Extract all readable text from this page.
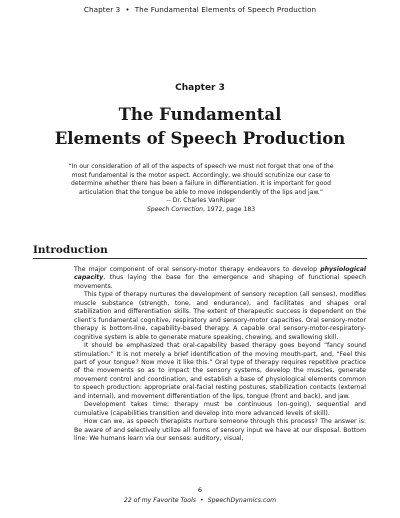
Chapter 3 • The Fundamental Elements of Speech Production
Chapter 3
The Fundamental
Elements of Speech Production
“In our consideration of all of the aspects of speech we must not forget that one of the most fundamental is the motor aspect. Accordingly, we should scrutinize our case to determine whether there has been a failure in differentiation. It is important for good articulation that the tongue be able to move independently of the lips and jaw.”
-- Dr. Charles VanRiper
Speech Correction, 1972, page 183
Introduction

The major component of oral sensory-motor therapy endeavors to develop physiological capacity, thus laying the base for the emergence and shaping of functional speech movements.

This type of therapy nurtures the development of sensory reception (all senses), modifies muscle substance (strength, tone, and endurance), and facilitates and shapes oral stabilization and differentiation skills. The extent of therapeutic success is dependent on the client’s fundamental cognitive, respiratory and sensory-motor capacities. Oral sensory-motor therapy is bottom-line, capability-based therapy. A capable oral sensory-motor-respiratory-cognitive system is able to generate mature speaking, chewing, and swallowing skill.

It should be emphasized that oral-capability based therapy goes beyond “fancy sound stimulation.” It is not merely a brief identification of the moving mouth-part, and, “Feel this part of your tongue? Now move it like this.” Oral type of therapy requires repetitive practice of the movements so as to impact the sensory systems, develop the muscles, generate movement control and coordination, and establish a base of physiological elements common to speech production: appropriate oral-facial resting postures, stabilization contacts (external and internal), and movement differentiation of the lips, tongue (front and back), and jaw.

Development takes time; therapy must be continuous (on-going), sequential and cumulative (capabilities transition and develop into more advanced levels of skill).

How can we, as speech therapists nurture someone through this process? The answer is: Be aware of and selectively utilize all forms of sensory input we have at our disposal. Bottom line: We humans learn via our senses: auditory, visual,

6
22 of my Favorite Tools • SpeechDynamics.com
